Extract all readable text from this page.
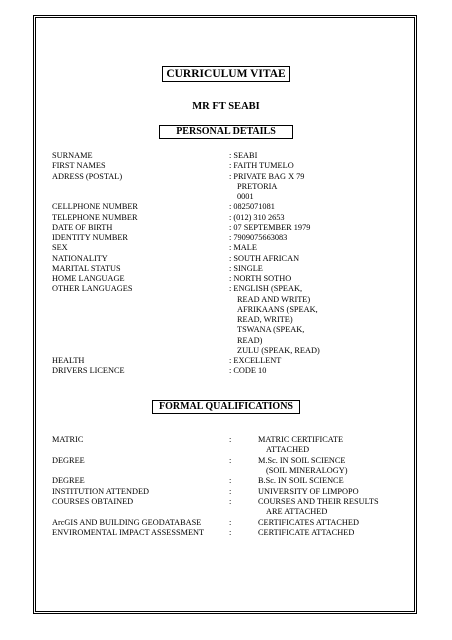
CURRICULUM VITAE
MR FT SEABI
PERSONAL DETAILS
SURNAME	: SEABI
FIRST NAMES	: FAITH TUMELO
ADRESS (POSTAL)	: PRIVATE BAG X 79
PRETORIA
0001
CELLPHONE NUMBER	: 0825071081
TELEPHONE NUMBER	: (012) 310 2653
DATE OF BIRTH	: 07 SEPTEMBER 1979
IDENTITY NUMBER	: 7909075663083
SEX	: MALE
NATIONALITY	: SOUTH AFRICAN
MARITAL STATUS	: SINGLE
HOME LANGUAGE	: NORTH SOTHO
OTHER LANGUAGES	: ENGLISH (SPEAK,
READ AND WRITE)
AFRIKAANS (SPEAK,
READ, WRITE)
TSWANA (SPEAK,
READ)
ZULU (SPEAK, READ)
HEALTH	: EXCELLENT
DRIVERS LICENCE	: CODE 10
FORMAL QUALIFICATIONS
MATRIC	:	MATRIC CERTIFICATE
ATTACHED
DEGREE	:	M.Sc. IN SOIL SCIENCE
(SOIL MINERALOGY)
DEGREE	:	B.Sc. IN SOIL SCIENCE
INSTITUTION ATTENDED	:	UNIVERSITY OF LIMPOPO
COURSES OBTAINED	:	COURSES AND THEIR RESULTS
ARE ATTACHED
ArcGIS AND BUILDING GEODATABASE	:	CERTIFICATES ATTACHED
ENVIROMENTAL IMPACT ASSESSMENT	:	CERTIFICATE ATTACHED
